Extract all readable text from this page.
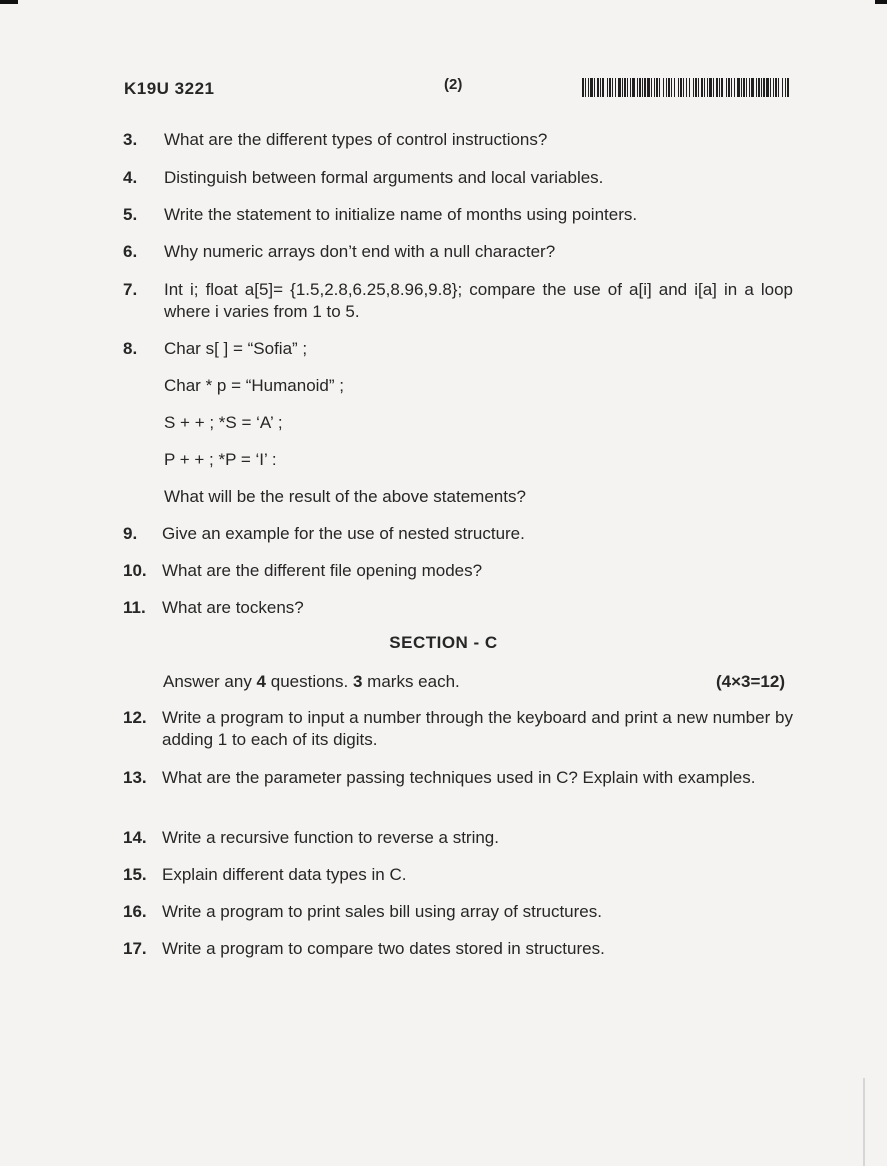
K19U 3221	(2)
3.	What are the different types of control instructions?
4.	Distinguish between formal arguments and local variables.
5.	Write the statement to initialize name of months using pointers.
6.	Why numeric arrays don’t end with a null character?
7.	Int i; float a[5]= {1.5,2.8,6.25,8.96,9.8}; compare the use of a[i] and i[a] in a loop where i varies from 1 to 5.
8.	Char s[ ] = “Sofia” ;
Char * p = “Humanoid” ;
S + + ; *S = ‘A’ ;
P + + ; *P = ‘I’ :
What will be the result of the above statements?
9.	Give an example for the use of nested structure.
10. What are the different file opening modes?
11. What are tockens?
SECTION - C
Answer any 4 questions. 3 marks each.	(4×3=12)
12. Write a program to input a number through the keyboard and print a new number by adding 1 to each of its digits.
13. What are the parameter passing techniques used in C? Explain with examples.
14. Write a recursive function to reverse a string.
15. Explain different data types in C.
16. Write a program to print sales bill using array of structures.
17. Write a program to compare two dates stored in structures.
